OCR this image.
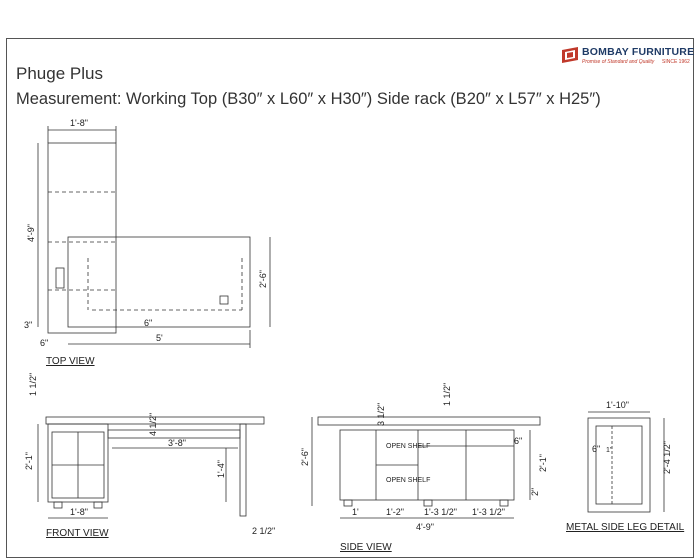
BOMBAY FURNITURE
Promise of Standard and Quality SINCE 1962
Phuge Plus
Measurement: Working Top (B30″ x L60″ x H30″) Side rack (B20″ x L57″ x H25″)
1'-8"
4'-9"
2'-6"
3"
6"
6"
5'
TOP VIEW
1 1/2"
4 1/2"
3'-8"
2'-1"	1'-4"
1'-8"
2 1/2"
FRONT VIEW
OPEN SHELF
OPEN SHELF
1 1/2"
3 1/2"
2'-6"
6"
2'-1"
2"
1'	1'-2" 1'-3 1/2" 1'-3 1/2"
4'-9"
SIDE VIEW
1'-10"
6" 1"	2'-4 1/2"
METAL SIDE LEG DETAIL
